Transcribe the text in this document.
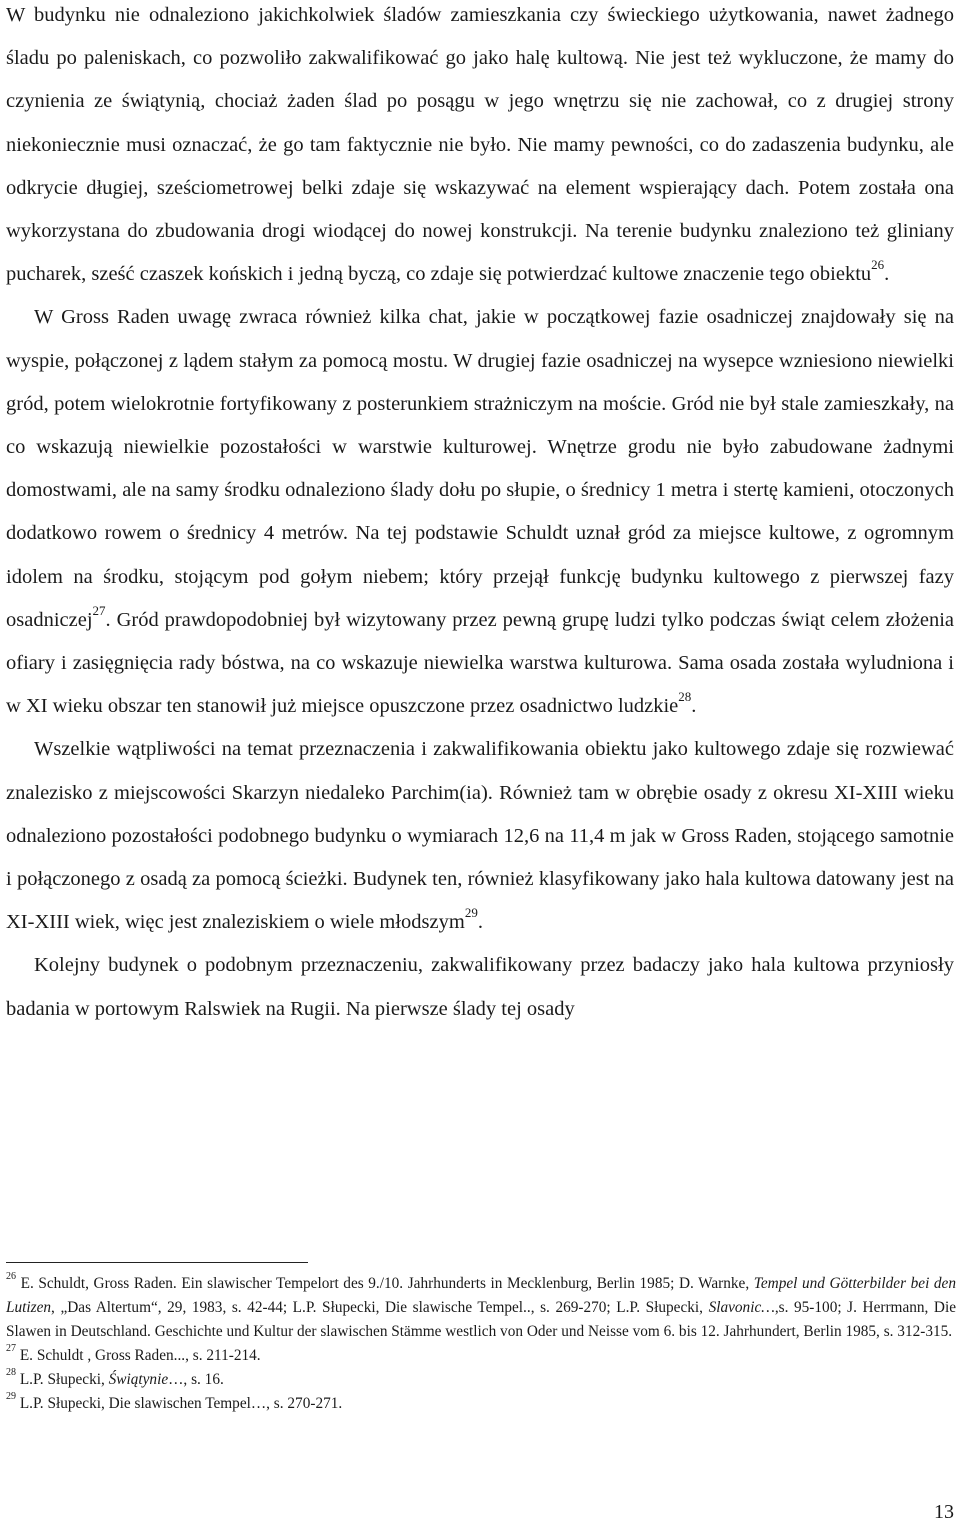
W budynku nie odnaleziono jakichkolwiek śladów zamieszkania czy świeckiego użytkowania, nawet żadnego śladu po paleniskach, co pozwoliło zakwalifikować go jako halę kultową. Nie jest też wykluczone, że mamy do czynienia ze świątynią, chociaż żaden ślad po posągu w jego wnętrzu się nie zachował, co z drugiej strony niekoniecznie musi oznaczać, że go tam faktycznie nie było. Nie mamy pewności, co do zadaszenia budynku, ale odkrycie długiej, sześciometrowej belki zdaje się wskazywać na element wspierający dach. Potem została ona wykorzystana do zbudowania drogi wiodącej do nowej konstrukcji. Na terenie budynku znaleziono też gliniany pucharek, sześć czaszek końskich i jedną byczą, co zdaje się potwierdzać kultowe znaczenie tego obiektu$^{26}$.

W Gross Raden uwagę zwraca również kilka chat, jakie w początkowej fazie osadniczej znajdowały się na wyspie, połączonej z lądem stałym za pomocą mostu. W drugiej fazie osadniczej na wysepce wzniesiono niewielki gród, potem wielokrotnie fortyfikowany z posterunkiem strażniczym na moście. Gród nie był stale zamieszkały, na co wskazują niewielkie pozostałości w warstwie kulturowej. Wnętrze grodu nie było zabudowane żadnymi domostwami, ale na samy środku odnaleziono ślady dołu po słupie, o średnicy 1 metra i stertę kamieni, otoczonych dodatkowo rowem o średnicy 4 metrów. Na tej podstawie Schuldt uznał gród za miejsce kultowe, z ogromnym idolem na środku, stojącym pod gołym niebem; który przejął funkcję budynku kultowego z pierwszej fazy osadniczej$^{27}$. Gród prawdopodobniej był wizytowany przez pewną grupę ludzi tylko podczas świąt celem złożenia ofiary i zasięgnięcia rady bóstwa, na co wskazuje niewielka warstwa kulturowa. Sama osada została wyludniona i w XI wieku obszar ten stanowił już miejsce opuszczone przez osadnictwo ludzkie$^{28}$.

Wszelkie wątpliwości na temat przeznaczenia i zakwalifikowania obiektu jako kultowego zdaje się rozwiewać znalezisko z miejscowości Skarzyn niedaleko Parchim(ia). Również tam w obrębie osady z okresu XI-XIII wieku odnaleziono pozostałości podobnego budynku o wymiarach 12,6 na 11,4 m jak w Gross Raden, stojącego samotnie i połączonego z osadą za pomocą ścieżki. Budynek ten, również klasyfikowany jako hala kultowa datowany jest na XI-XIII wiek, więc jest znaleziskiem o wiele młodszym$^{29}$.

Kolejny budynek o podobnym przeznaczeniu, zakwalifikowany przez badaczy jako hala kultowa przyniosły badania w portowym Ralswiek na Rugii. Na pierwsze ślady tej osady

$^{26}$ E. Schuldt, Gross Raden. Ein slawischer Tempelort des 9./10. Jahrhunderts in Mecklenburg, Berlin 1985; D. Warnke, Tempel und Götterbilder bei den Lutizen, „Das Altertum“, 29, 1983, s. 42-44; L.P. Słupecki, Die slawische Tempel.., s. 269-270; L.P. Słupecki, Slavonic…,s. 95-100; J. Herrmann, Die Slawen in Deutschland. Geschichte und Kultur der slawischen Stämme westlich von Oder und Neisse vom 6. bis 12. Jahrhundert, Berlin 1985, s. 312-315.

$^{27}$ E. Schuldt , Gross Raden..., s. 211-214.

$^{28}$ L.P. Słupecki, Świątynie…, s. 16.

$^{29}$ L.P. Słupecki, Die slawischen Tempel…, s. 270-271.

13
